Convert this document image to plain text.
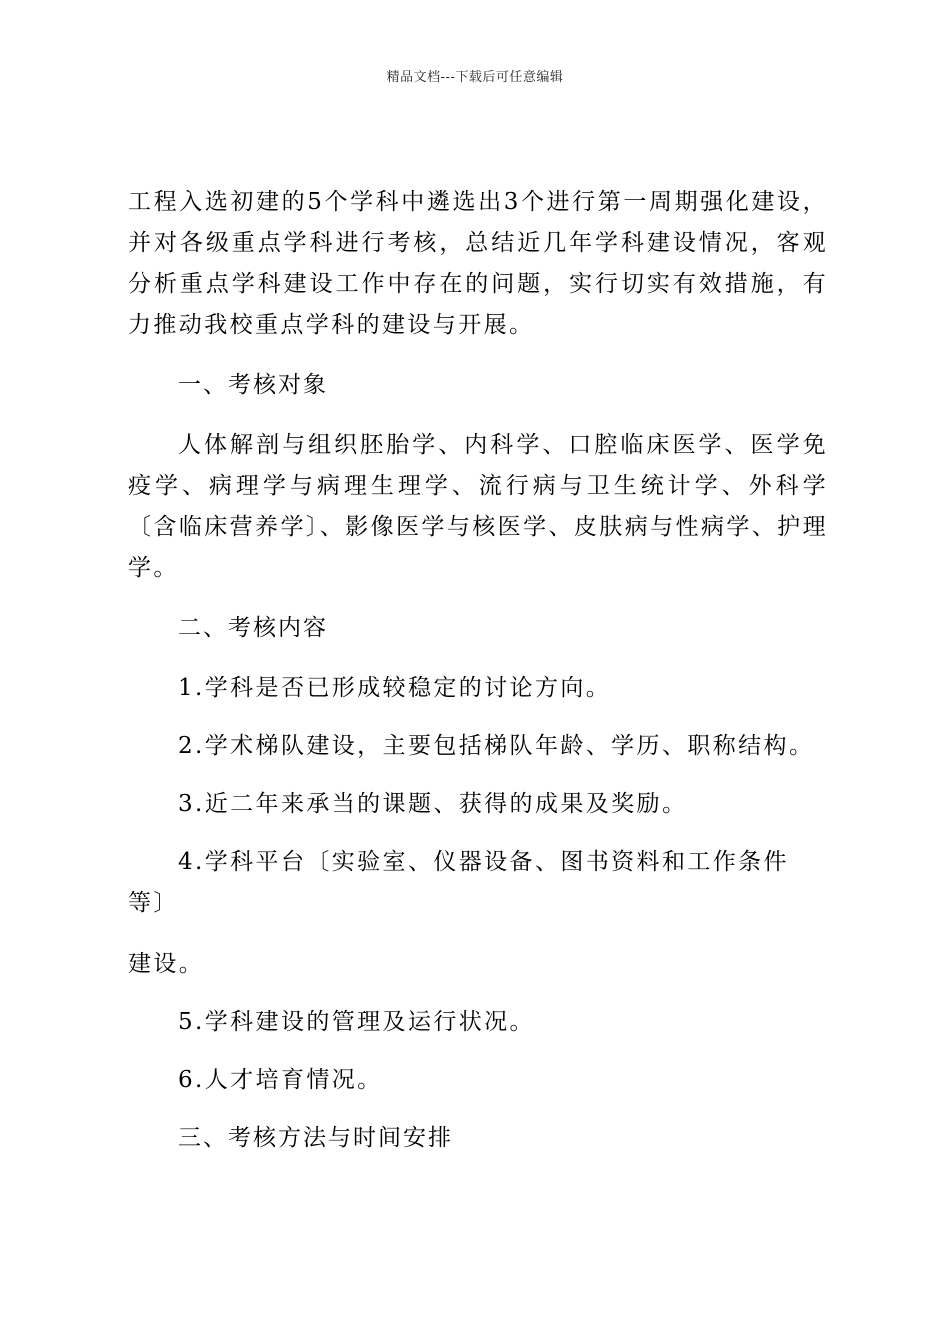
精品文档---下载后可任意编辑

工程入选初建的5个学科中遴选出3个进行第一周期强化建设，并对各级重点学科进行考核，总结近几年学科建设情况，客观分析重点学科建设工作中存在的问题，实行切实有效措施，有力推动我校重点学科的建设与开展。

一、考核对象

人体解剖与组织胚胎学、内科学、口腔临床医学、医学免疫学、病理学与病理生理学、流行病与卫生统计学、外科学〔含临床营养学〕、影像医学与核医学、皮肤病与性病学、护理学。

二、考核内容

1.学科是否已形成较稳定的讨论方向。

2.学术梯队建设，主要包括梯队年龄、学历、职称结构。

3.近二年来承当的课题、获得的成果及奖励。

4.学科平台〔实验室、仪器设备、图书资料和工作条件等〕

建设。

5.学科建设的管理及运行状况。

6.人才培育情况。

三、考核方法与时间安排
